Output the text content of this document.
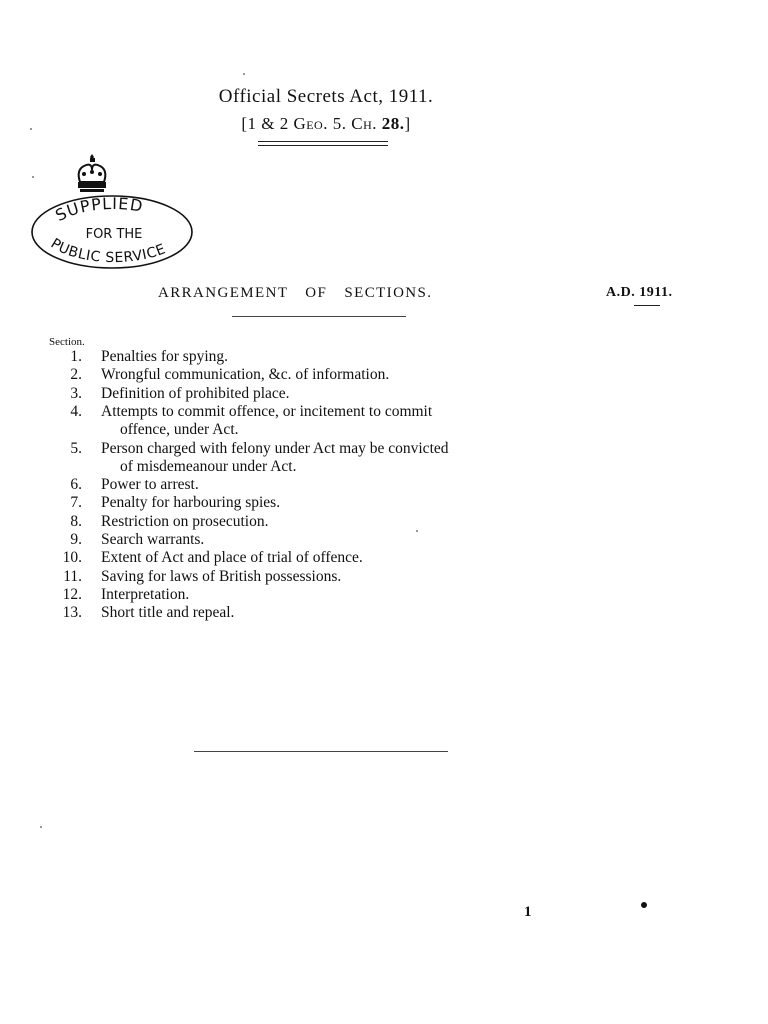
Official Secrets Act, 1911.
[1 & 2 Geo. 5. Ch. 28.]
SUPPLIED
FOR THE
PUBLIC SERVICE
ARRANGEMENT OF SECTIONS.	A.D. 1911.
Section.
1. Penalties for spying.
2. Wrongful communication, &c. of information.
3. Definition of prohibited place.
4. Attempts to commit offence, or incitement to commit
offence, under Act.
5. Person charged with felony under Act may be convicted
of misdemeanour under Act.
6. Power to arrest.
7. Penalty for harbouring spies.
8. Restriction on prosecution.
9. Search warrants.
10. Extent of Act and place of trial of offence.
11. Saving for laws of British possessions.
12. Interpretation.
13. Short title and repeal.
1
